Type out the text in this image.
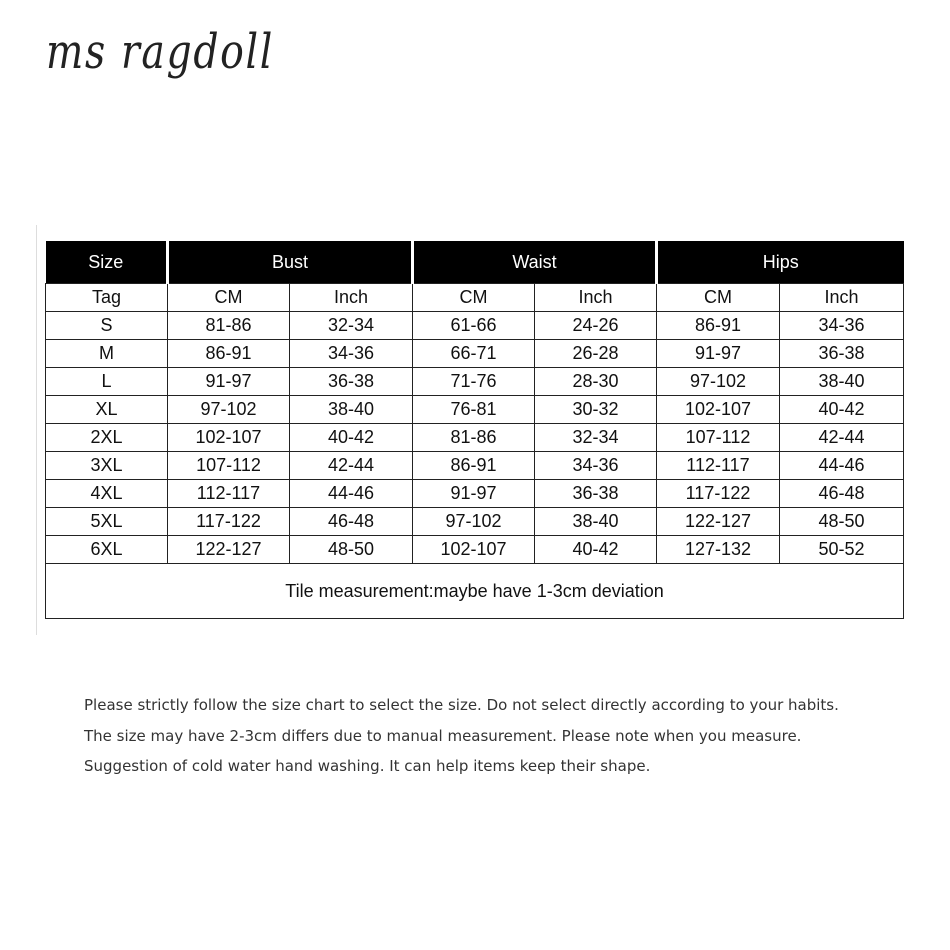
ms ragdoll
Size	Bust		Waist		Hips	
Tag	CM	Inch	CM	Inch	CM	Inch
S	81-86	32-34	61-66	24-26	86-91	34-36
M	86-91	34-36	66-71	26-28	91-97	36-38
L	91-97	36-38	71-76	28-30	97-102	38-40
XL	97-102	38-40	76-81	30-32	102-107	40-42
2XL	102-107	40-42	81-86	32-34	107-112	42-44
3XL	107-112	42-44	86-91	34-36	112-117	44-46
4XL	112-117	44-46	91-97	36-38	117-122	46-48
5XL	117-122	46-48	97-102	38-40	122-127	48-50
6XL	122-127	48-50	102-107	40-42	127-132	50-52
Tile measurement:maybe have 1-3cm deviation						
Please strictly follow the size chart to select the size. Do not select directly according to your habits.
The size may have 2-3cm differs due to manual measurement. Please note when you measure.
Suggestion of cold water hand washing. It can help items keep their shape.
